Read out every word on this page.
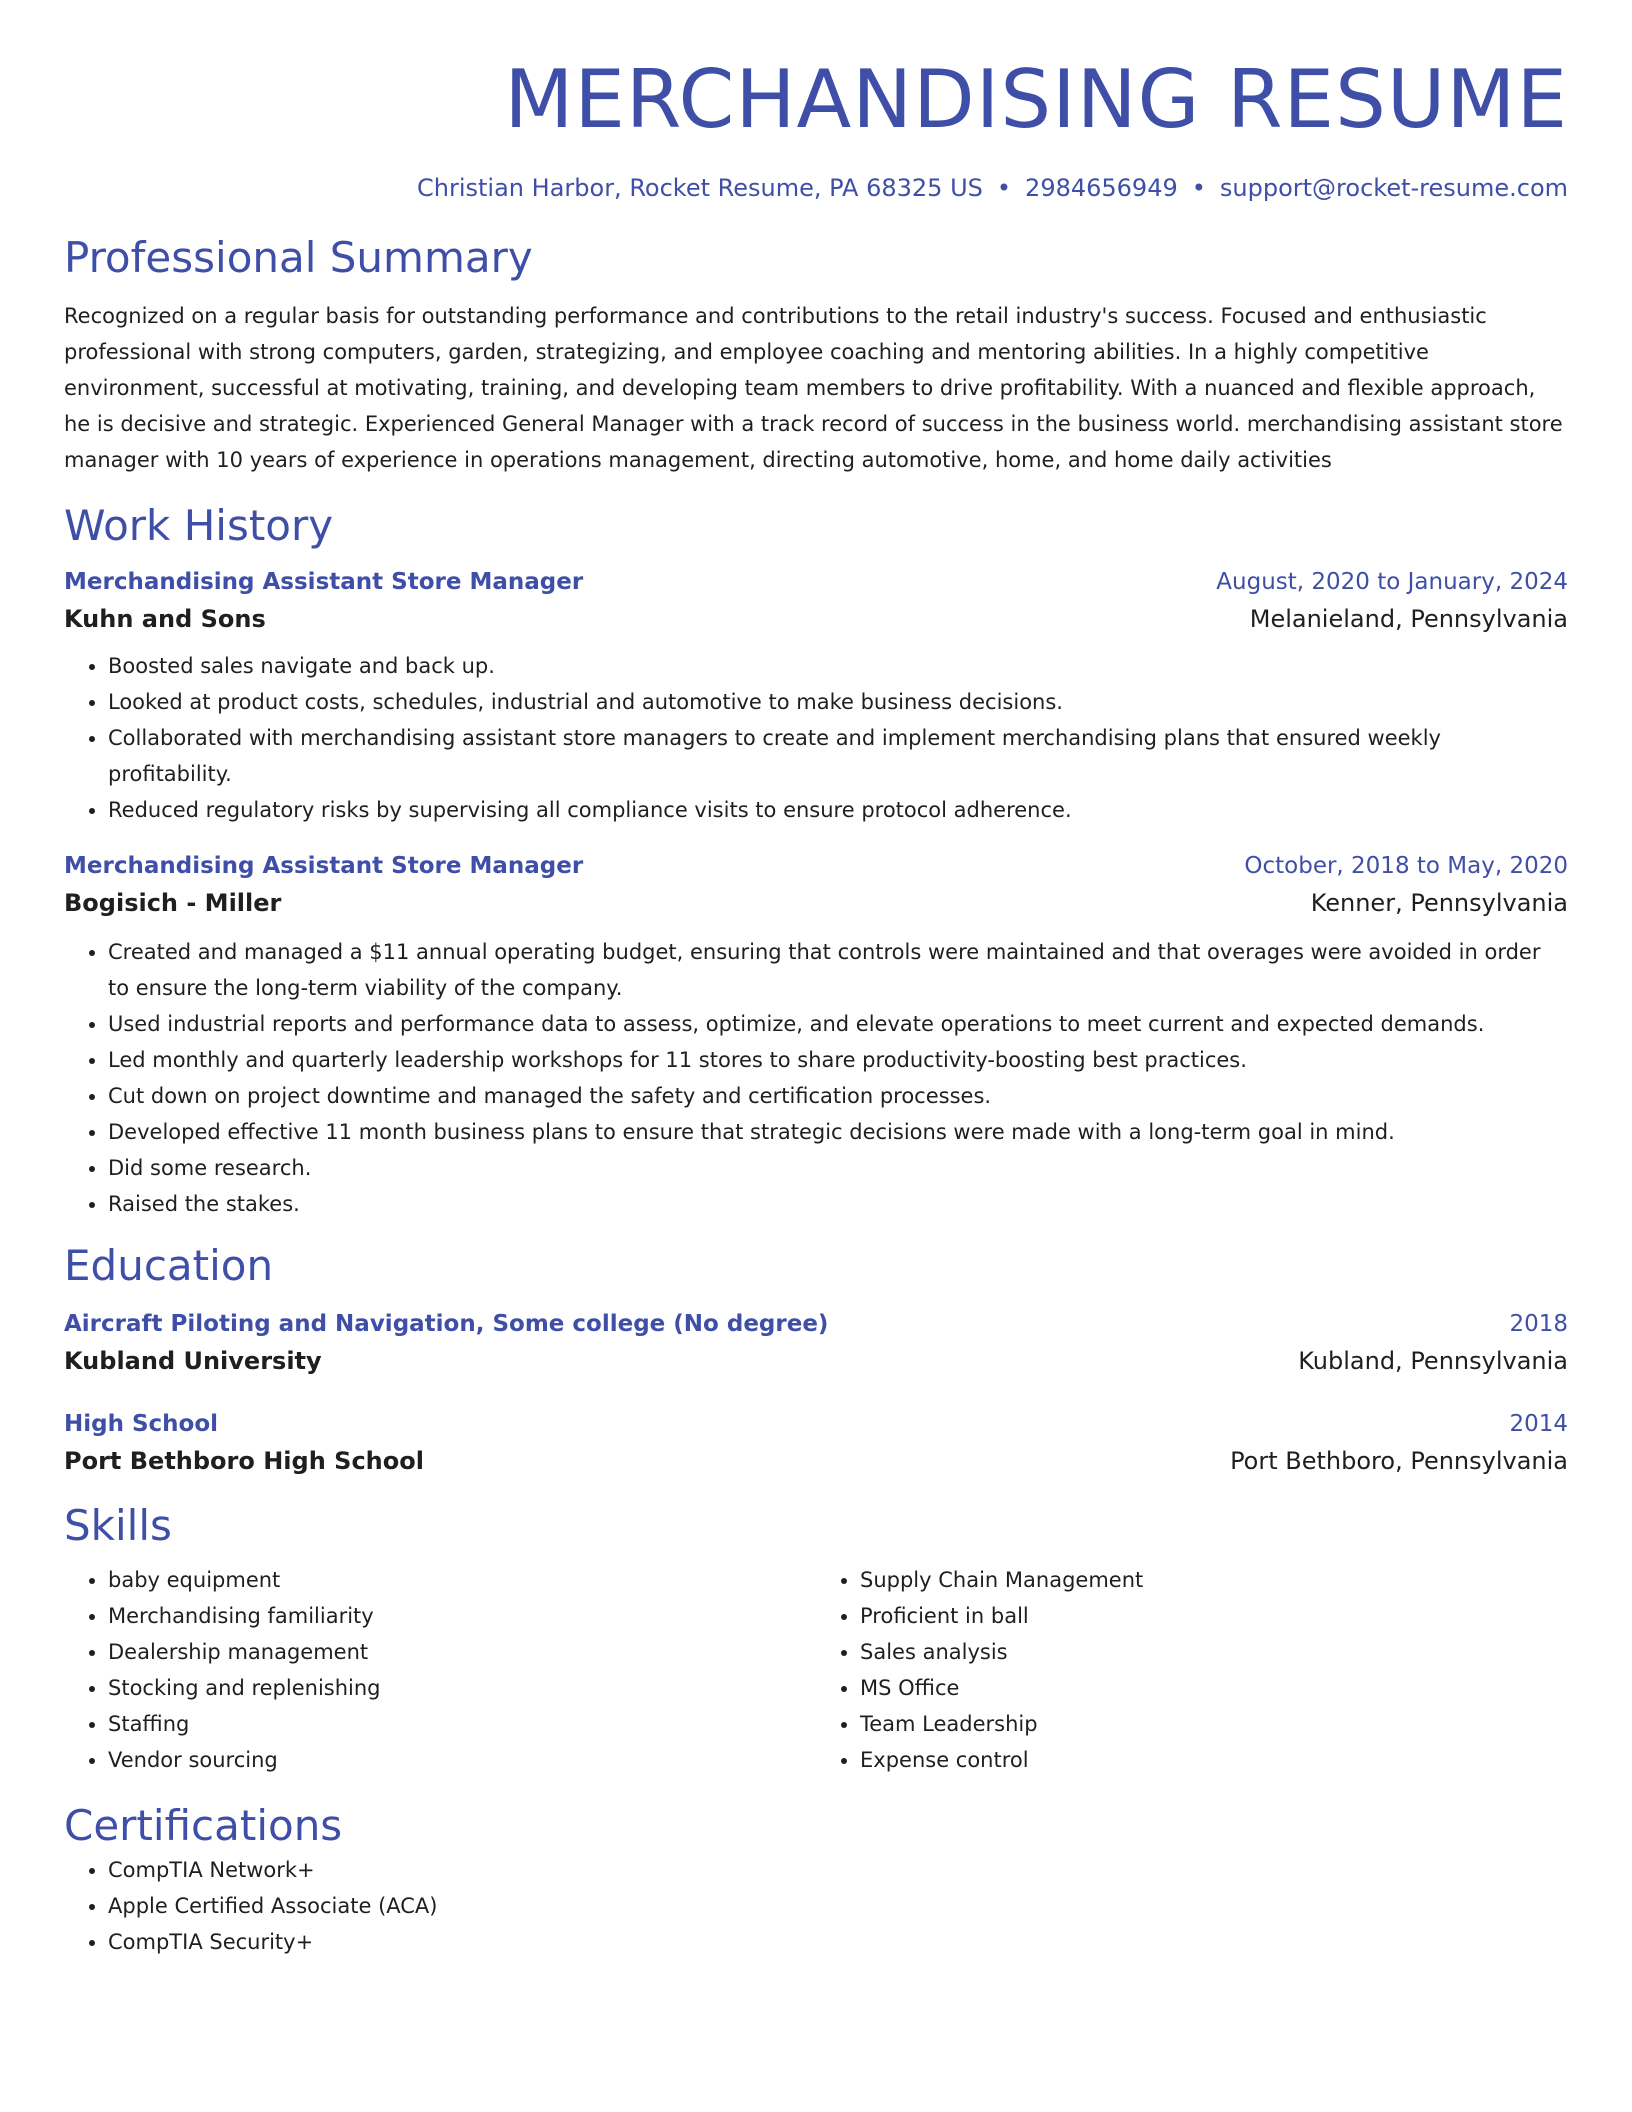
MERCHANDISING RESUME
Christian Harbor, Rocket Resume, PA 68325 US • 2984656949 • support@rocket-resume.com
Professional Summary

Recognized on a regular basis for outstanding performance and contributions to the retail industry's success. Focused and enthusiastic professional with strong computers, garden, strategizing, and employee coaching and mentoring abilities. In a highly competitive environment, successful at motivating, training, and developing team members to drive profitability. With a nuanced and flexible approach, he is decisive and strategic. Experienced General Manager with a track record of success in the business world. merchandising assistant store manager with 10 years of experience in operations management, directing automotive, home, and home daily activities

Work History
Merchandising Assistant Store Manager	August, 2020 to January, 2024
Kuhn and Sons	Melanieland, Pennsylvania
• Boosted sales navigate and back up.
• Looked at product costs, schedules, industrial and automotive to make business decisions.
• Collaborated with merchandising assistant store managers to create and implement merchandising plans that ensured weekly profitability.
• Reduced regulatory risks by supervising all compliance visits to ensure protocol adherence.
Merchandising Assistant Store Manager	October, 2018 to May, 2020
Bogisich - Miller	Kenner, Pennsylvania
• Created and managed a $11 annual operating budget, ensuring that controls were maintained and that overages were avoided in order to ensure the long-term viability of the company.
• Used industrial reports and performance data to assess, optimize, and elevate operations to meet current and expected demands.
• Led monthly and quarterly leadership workshops for 11 stores to share productivity-boosting best practices.
• Cut down on project downtime and managed the safety and certification processes.
• Developed effective 11 month business plans to ensure that strategic decisions were made with a long-term goal in mind.
• Did some research.
• Raised the stakes.
Education
Aircraft Piloting and Navigation, Some college (No degree)	2018
Kubland University	Kubland, Pennsylvania
High School	2014
Port Bethboro High School	Port Bethboro, Pennsylvania
Skills
• baby equipment
• Merchandising familiarity
• Dealership management
• Stocking and replenishing
• Staffing
• Vendor sourcing
• Supply Chain Management
• Proficient in ball
• Sales analysis
• MS Office
• Team Leadership
• Expense control
Certifications
• CompTIA Network+
• Apple Certified Associate (ACA)
• CompTIA Security+
